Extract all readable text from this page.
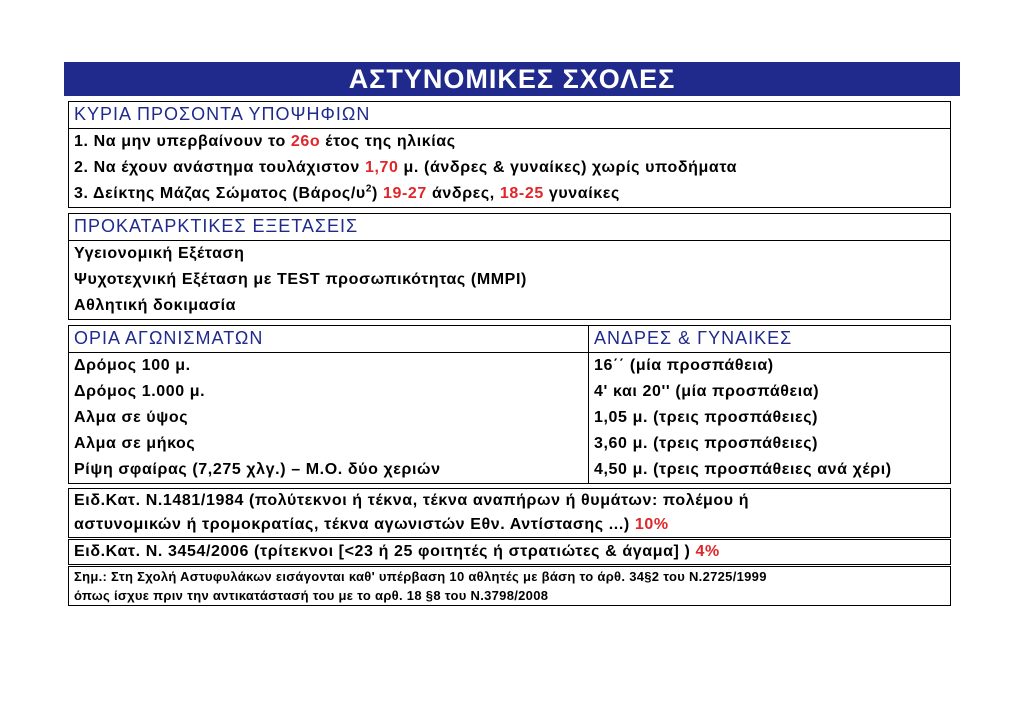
ΑΣΤΥΝΟΜΙΚΕΣ ΣΧΟΛΕΣ
ΚΥΡΙΑ ΠΡΟΣΟΝΤΑ ΥΠΟΨΗΦΙΩΝ
1. Να μην υπερβαίνουν το 26ο έτος της ηλικίας
2. Να έχουν ανάστημα τουλάχιστον 1,70 μ. (άνδρες & γυναίκες) χωρίς υποδήματα
3. Δείκτης Μάζας Σώματος $(Bά\rho o\varsigma/\upsilon^2)$ 19-27 άνδρες, 18-25 γυναίκες
ΠΡΟΚΑΤΑΡΚΤΙΚΕΣ ΕΞΕΤΑΣΕΙΣ
Υγειονομική Εξέταση
Ψυχοτεχνική Εξέταση με TEST προσωπικότητας (MMPI)
Αθλητική δοκιμασία
ΟΡΙΑ ΑΓΩΝΙΣΜΑΤΩΝ
Δρόμος 100 μ.
Δρόμος 1.000 μ.
Αλμα σε ύψος
Αλμα σε μήκος
Ρίψη σφαίρας (7,275 χλγ.) – Μ.Ο. δύο χεριών
ΑΝΔΡΕΣ & ΓΥΝΑΙΚΕΣ
16΄΄ (μία προσπάθεια)
4' και 20'' (μία προσπάθεια)
1,05 μ. (τρεις προσπάθειες)
3,60 μ. (τρεις προσπάθειες)
4,50 μ. (τρεις προσπάθειες ανά χέρι)
Ειδ.Κατ. Ν.1481/1984 (πολύτεκνοι ή τέκνα, τέκνα αναπήρων ή θυμάτων: πολέμου ή
αστυνομικών ή τρομοκρατίας, τέκνα αγωνιστών Εθν. Αντίστασης ...) 10%
Ειδ.Κατ. Ν. 3454/2006 (τρίτεκνοι [<23 ή 25 φοιτητές ή στρατιώτες & άγαμα] ) 4%
Σημ.: Στη Σχολή Αστυφυλάκων εισάγονται καθ' υπέρβαση 10 αθλητές με βάση το άρθ. 34§2 του Ν.2725/1999
όπως ίσχυε πριν την αντικατάστασή του με το αρθ. 18 §8 του Ν.3798/2008
